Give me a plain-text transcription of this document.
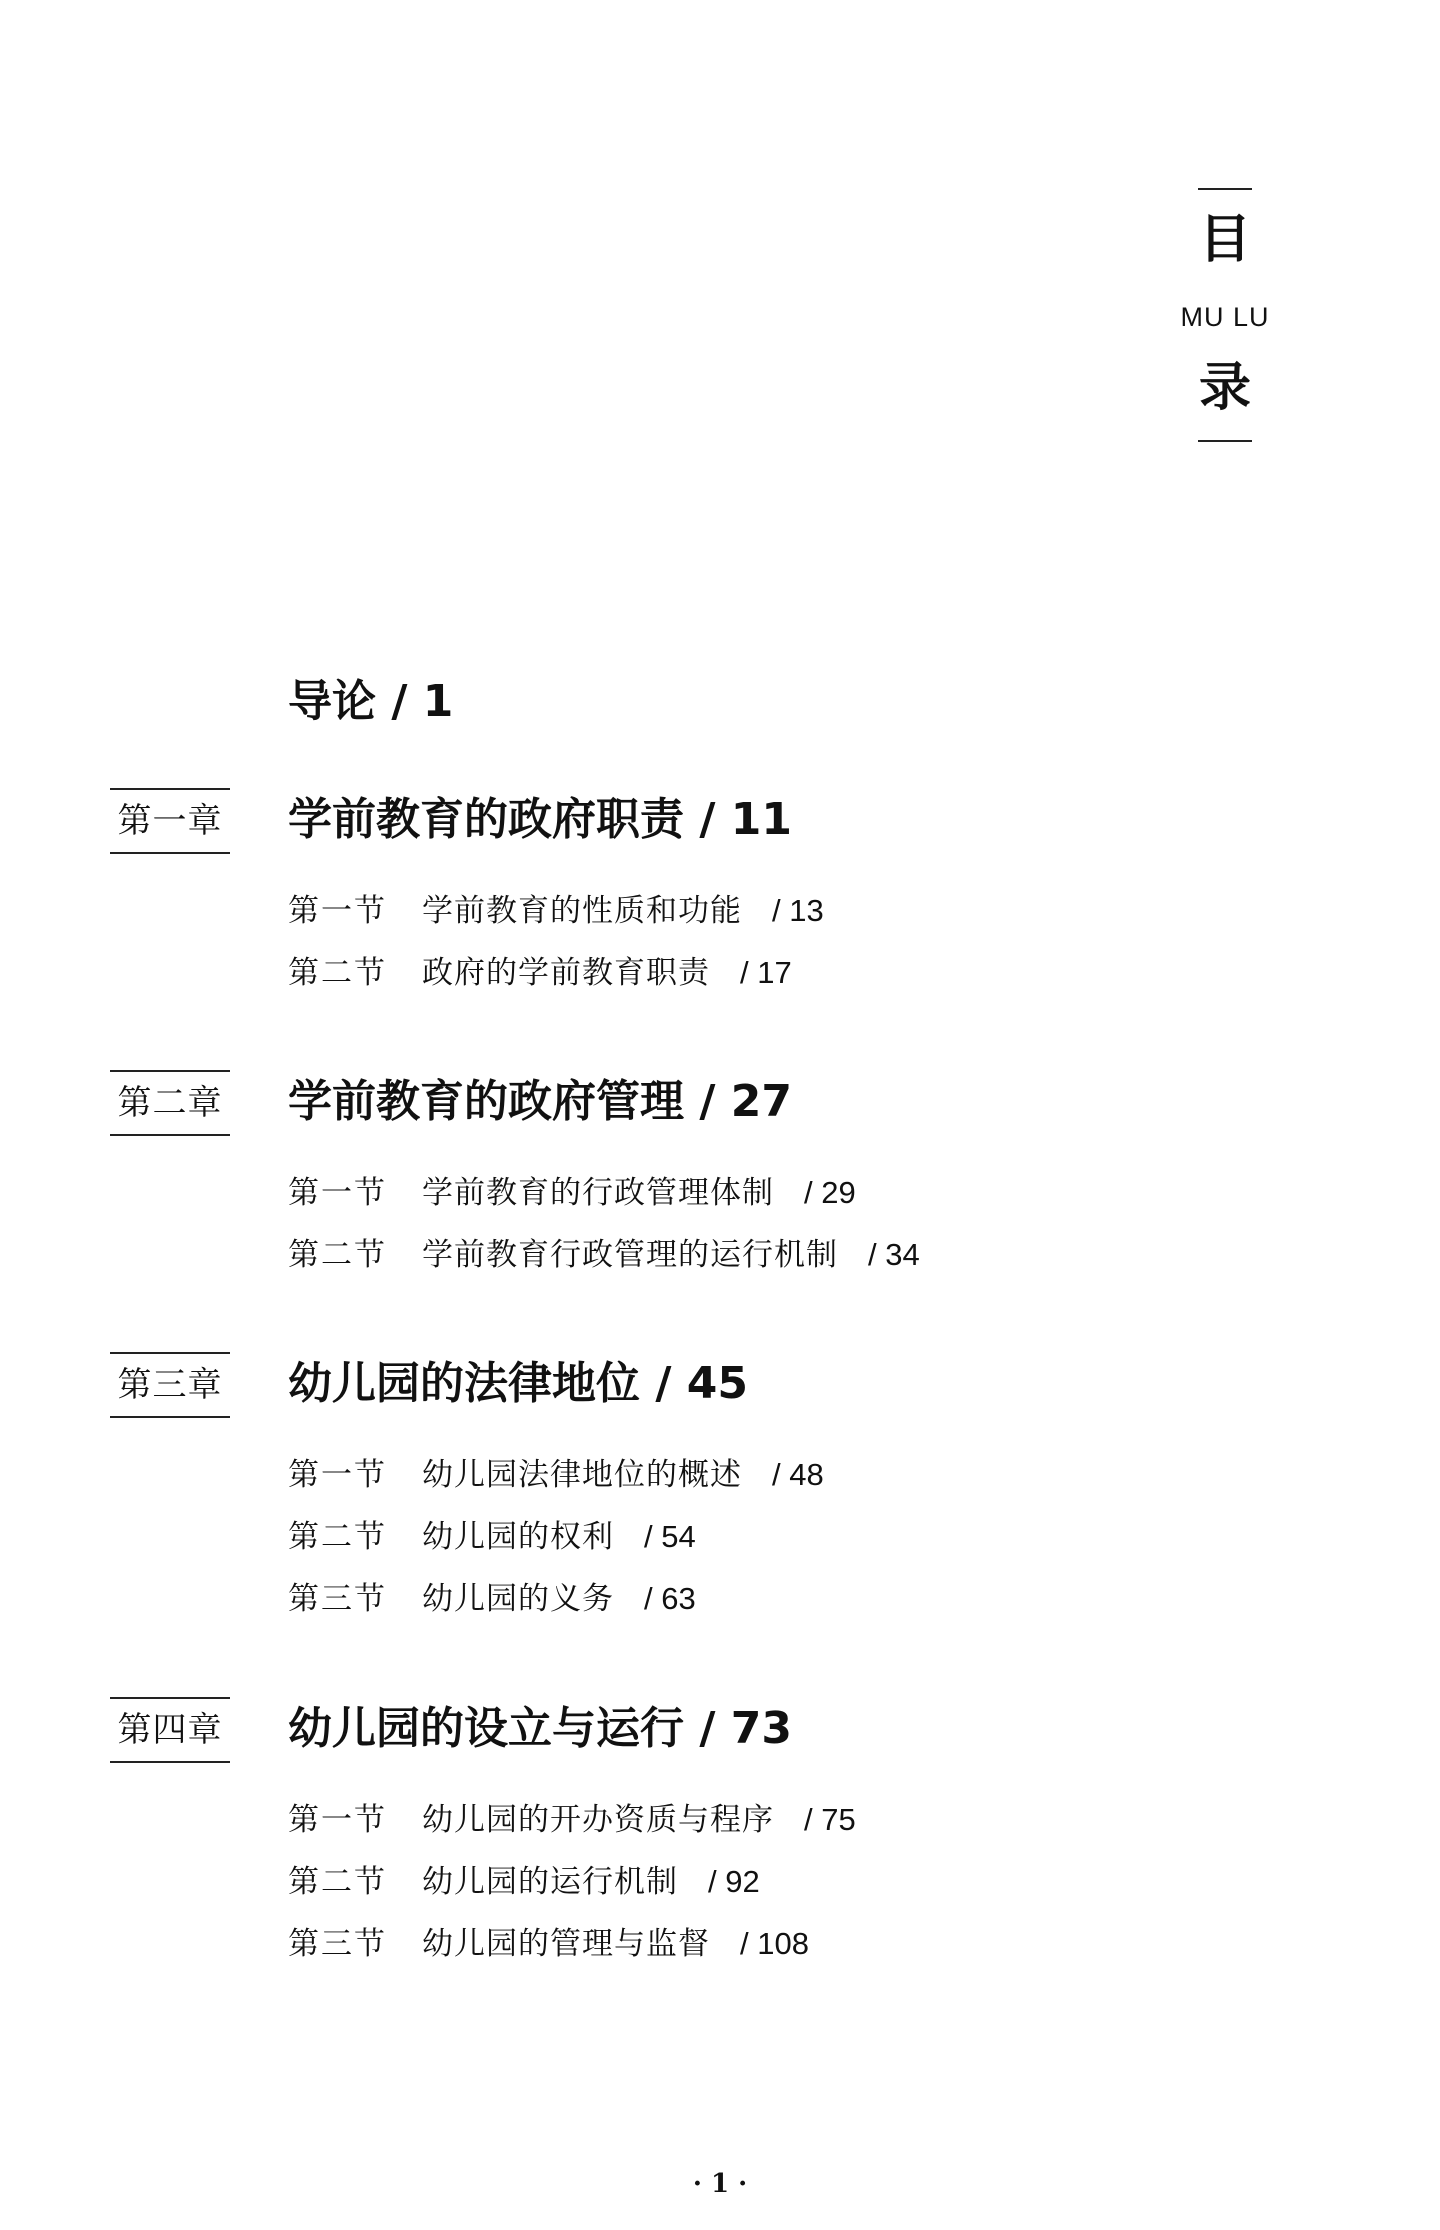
目
MU LU
录
导论 / 1
第一章 学前教育的政府职责 / 11
第一节 学前教育的性质和功能 / 13
第二节 政府的学前教育职责 / 17
第二章 学前教育的政府管理 / 27
第一节 学前教育的行政管理体制 / 29
第二节 学前教育行政管理的运行机制 / 34
第三章 幼儿园的法律地位 / 45
第一节 幼儿园法律地位的概述 / 48
第二节 幼儿园的权利 / 54
第三节 幼儿园的义务 / 63
第四章 幼儿园的设立与运行 / 73
第一节 幼儿园的开办资质与程序 / 75
第二节 幼儿园的运行机制 / 92
第三节 幼儿园的管理与监督 / 108
· 1 ·
